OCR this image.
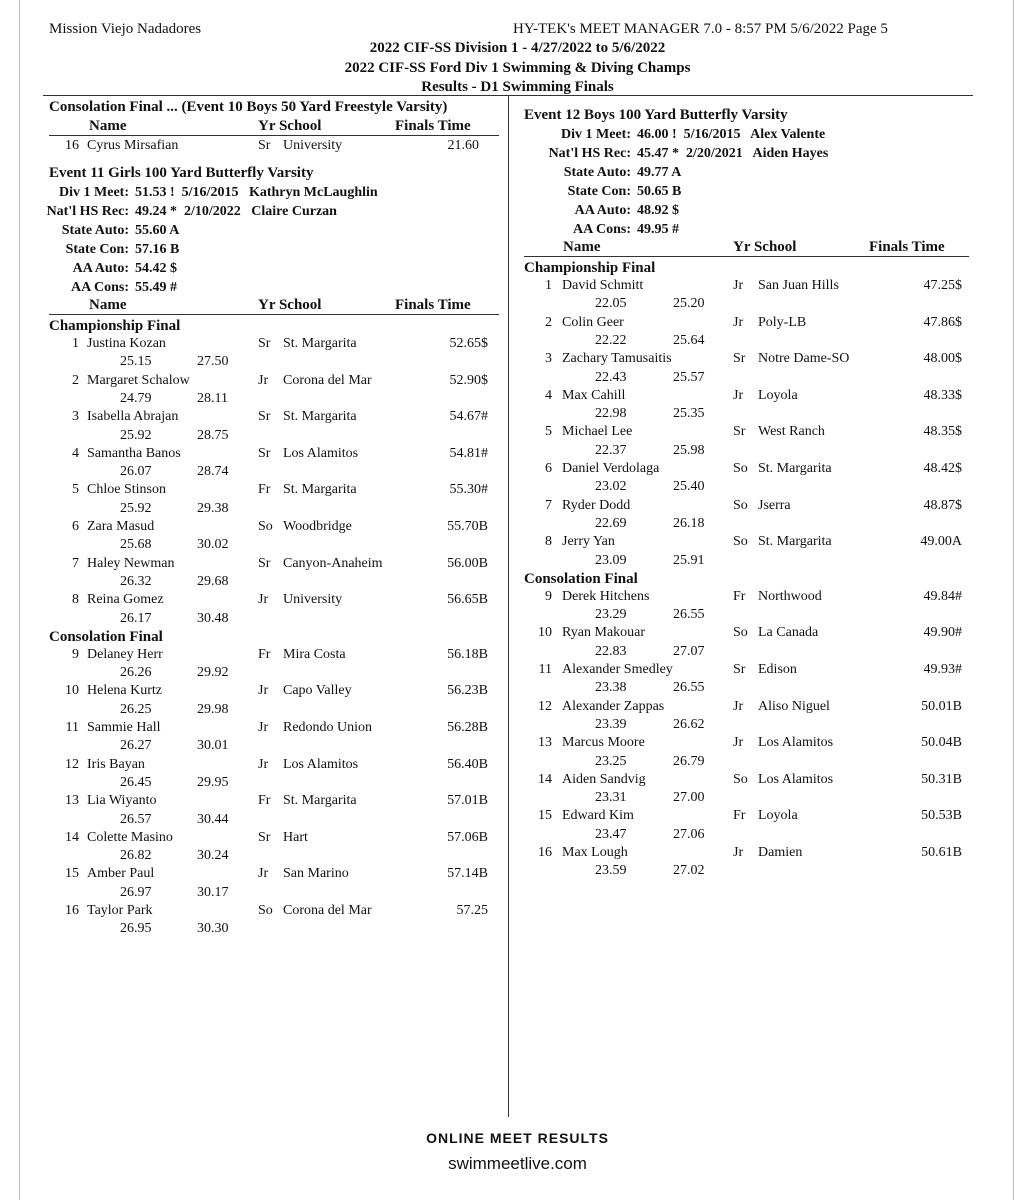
Mission Viejo Nadadores	HY-TEK's MEET MANAGER 7.0 - 8:57 PM 5/6/2022 Page 5
2022 CIF-SS Division 1 - 4/27/2022 to 5/6/2022
2022 CIF-SS Ford Div 1 Swimming & Diving Champs
Results - D1 Swimming Finals
Consolation Final ... (Event 10 Boys 50 Yard Freestyle Varsity)
Name	Yr School	Finals Time
16 Cyrus Mirsafian	Sr University	21.60
Event 11 Girls 100 Yard Butterfly Varsity
Div 1 Meet: 51.53 !  5/16/2015   Kathryn McLaughlin
Nat'l HS Rec: 49.24 *  2/10/2022   Claire Curzan
State Auto: 55.60 A
State Con: 57.16 B
AA Auto: 54.42 $
AA Cons: 55.49 #
Name	Yr School	Finals Time
Championship Final
1 Justina Kozan	Sr St. Margarita	52.65$
25.15	27.50
2 Margaret Schalow	Jr Corona del Mar	52.90$
24.79	28.11
3 Isabella Abrajan	Sr St. Margarita	54.67#
25.92	28.75
4 Samantha Banos	Sr Los Alamitos	54.81#
26.07	28.74
5 Chloe Stinson	Fr St. Margarita	55.30#
25.92	29.38
6 Zara Masud	So Woodbridge	55.70B
25.68	30.02
7 Haley Newman	Sr Canyon-Anaheim	56.00B
26.32	29.68
8 Reina Gomez	Jr University	56.65B
26.17	30.48
Consolation Final
9 Delaney Herr	Fr Mira Costa	56.18B
26.26	29.92
10 Helena Kurtz	Jr Capo Valley	56.23B
26.25	29.98
11 Sammie Hall	Jr Redondo Union	56.28B
26.27	30.01
12 Iris Bayan	Jr Los Alamitos	56.40B
26.45	29.95
13 Lia Wiyanto	Fr St. Margarita	57.01B
26.57	30.44
14 Colette Masino	Sr Hart	57.06B
26.82	30.24
15 Amber Paul	Jr San Marino	57.14B
26.97	30.17
16 Taylor Park	So Corona del Mar	57.25
26.95	30.30
Event 12 Boys 100 Yard Butterfly Varsity
Div 1 Meet: 46.00 !  5/16/2015   Alex Valente
Nat'l HS Rec: 45.47 *  2/20/2021   Aiden Hayes
State Auto: 49.77 A
State Con: 50.65 B
AA Auto: 48.92 $
AA Cons: 49.95 #
Name	Yr School	Finals Time
Championship Final
1 David Schmitt	Jr San Juan Hills	47.25$
22.05	25.20
2 Colin Geer	Jr Poly-LB	47.86$
22.22	25.64
3 Zachary Tamusaitis	Sr Notre Dame-SO	48.00$
22.43	25.57
4 Max Cahill	Jr Loyola	48.33$
22.98	25.35
5 Michael Lee	Sr West Ranch	48.35$
22.37	25.98
6 Daniel Verdolaga	So St. Margarita	48.42$
23.02	25.40
7 Ryder Dodd	So Jserra	48.87$
22.69	26.18
8 Jerry Yan	So St. Margarita	49.00A
23.09	25.91
Consolation Final
9 Derek Hitchens	Fr Northwood	49.84#
23.29	26.55
10 Ryan Makouar	So La Canada	49.90#
22.83	27.07
11 Alexander Smedley	Sr Edison	49.93#
23.38	26.55
12 Alexander Zappas	Jr Aliso Niguel	50.01B
23.39	26.62
13 Marcus Moore	Jr Los Alamitos	50.04B
23.25	26.79
14 Aiden Sandvig	So Los Alamitos	50.31B
23.31	27.00
15 Edward Kim	Fr Loyola	50.53B
23.47	27.06
16 Max Lough	Jr Damien	50.61B
23.59	27.02
ONLINE MEET RESULTS
swimmeetlive.com
